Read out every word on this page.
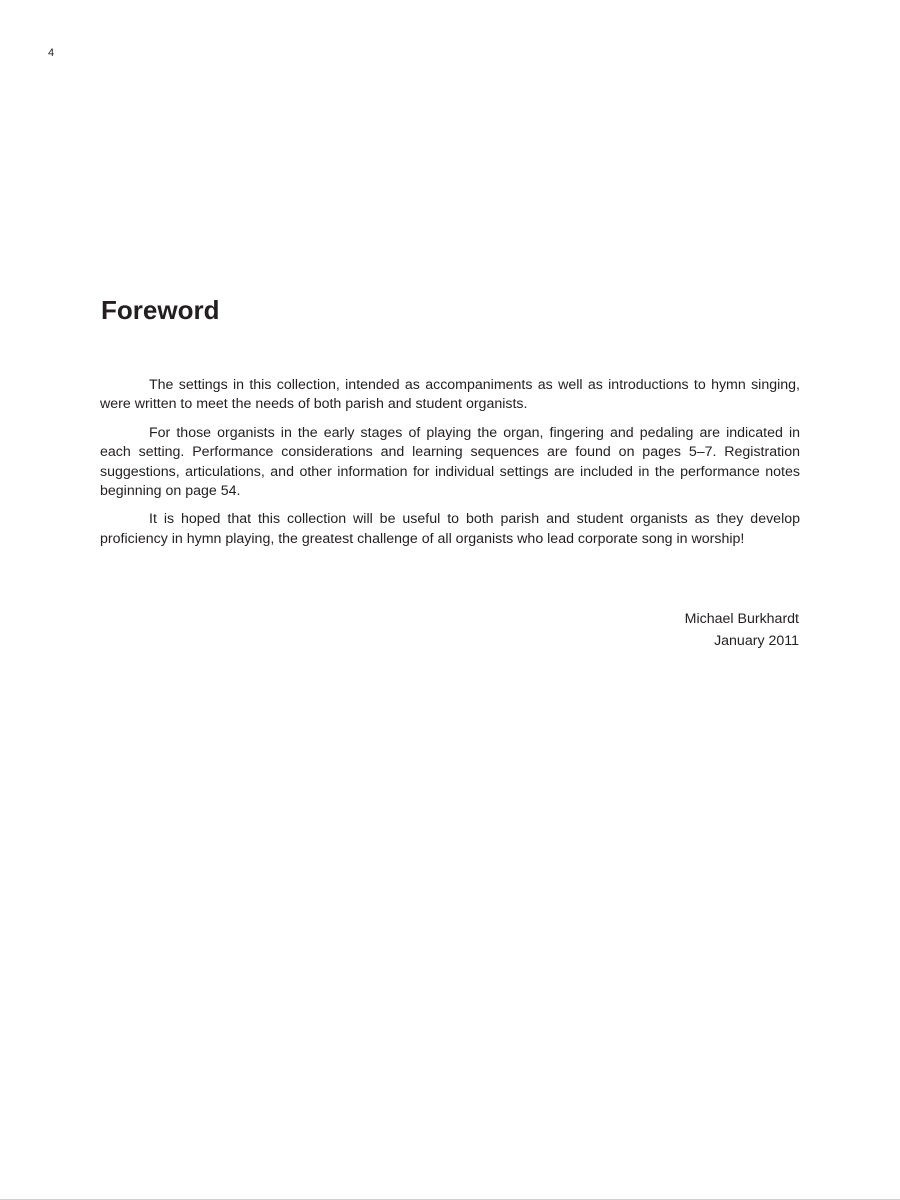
4
Foreword

The settings in this collection, intended as accompaniments as well as introductions to hymn singing, were written to meet the needs of both parish and student organists.

For those organists in the early stages of playing the organ, fingering and pedaling are indicated in each setting. Performance considerations and learning sequences are found on pages 5–7. Registration suggestions, articulations, and other information for individual settings are included in the performance notes beginning on page 54.

It is hoped that this collection will be useful to both parish and student organists as they develop proficiency in hymn playing, the greatest challenge of all organists who lead corporate song in worship!

Michael Burkhardt
January 2011
